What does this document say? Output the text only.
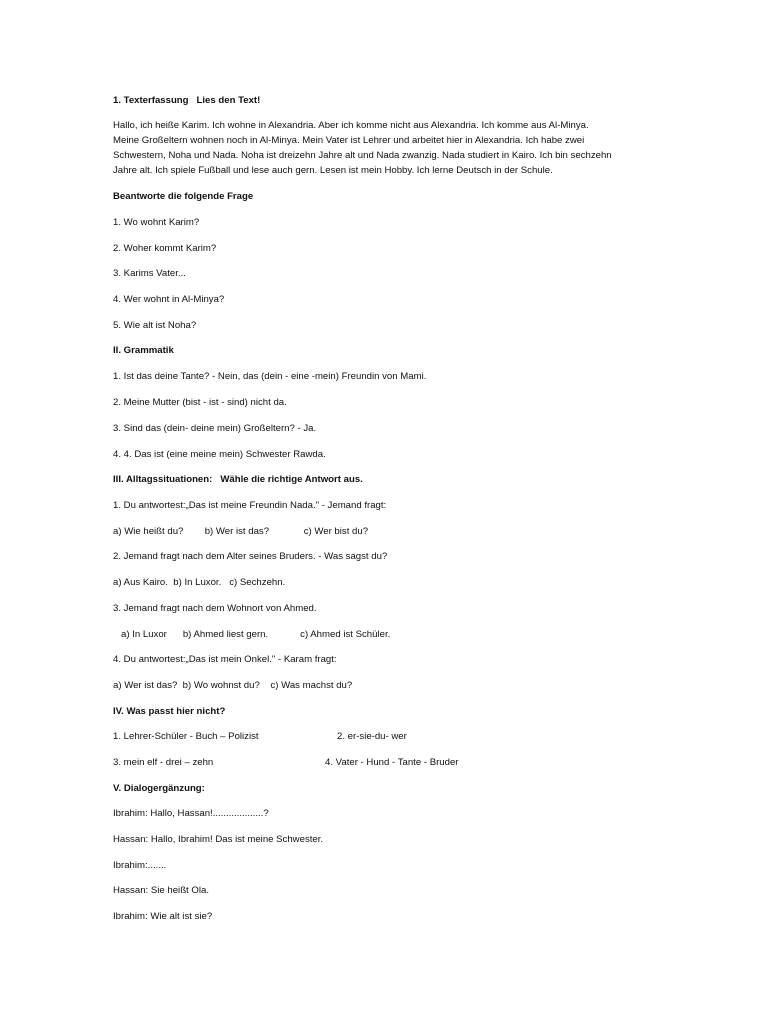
1. Texterfassung   Lies den Text!

Hallo, ich heiße Karim. Ich wohne in Alexandria. Aber ich komme nicht aus Alexandria. Ich komme aus Al-Minya.
Meine Großeltern wohnen noch in Al-Minya. Mein Vater ist Lehrer und arbeitet hier in Alexandria. Ich habe zwei
Schwestern, Noha und Nada. Noha ist dreizehn Jahre alt und Nada zwanzig. Nada studiert in Kairo. Ich bin sechzehn
Jahre alt. Ich spiele Fußball und lese auch gern. Lesen ist mein Hobby. Ich lerne Deutsch in der Schule.

Beantworte die folgende Frage

1. Wo wohnt Karim?

2. Woher kommt Karim?

3. Karims Vater...

4. Wer wohnt in Al-Minya?

5. Wie alt ist Noha?

II. Grammatik

1. Ist das deine Tante? - Nein, das (dein - eine -mein) Freundin von Mami.

2. Meine Mutter (bist - ist - sind) nicht da.

3. Sind das (dein- deine mein) Großeltern? - Ja.

4. 4. Das ist (eine meine mein) Schwester Rawda.

III. Alltagssituationen:   Wähle die richtige Antwort aus.

1. Du antwortest:„Das ist meine Freundin Nada." - Jemand fragt:

a) Wie heißt du?        b) Wer ist das?             c) Wer bist du?

2. Jemand fragt nach dem Alter seines Bruders. - Was sagst du?

a) Aus Kairo.  b) In Luxor.   c) Sechzehn.

3. Jemand fragt nach dem Wohnort von Ahmed.

a) In Luxor      b) Ahmed liest gern.            c) Ahmed ist Schüler.

4. Du antwortest:„Das ist mein Onkel." - Karam fragt:

a) Wer ist das?  b) Wo wohnst du?    c) Was machst du?

IV. Was passt hier nicht?

1. Lehrer-Schüler - Buch – Polizist	2. er-sie-du- wer

3. mein elf - drei – zehn	4. Vater - Hund - Tante - Bruder

V. Dialogergänzung:

Ibrahim: Hallo, Hassan!...................?

Hassan: Hallo, Ibrahim! Das ist meine Schwester.

Ibrahim:.......

Hassan: Sie heißt Ola.

Ibrahim: Wie alt ist sie?
